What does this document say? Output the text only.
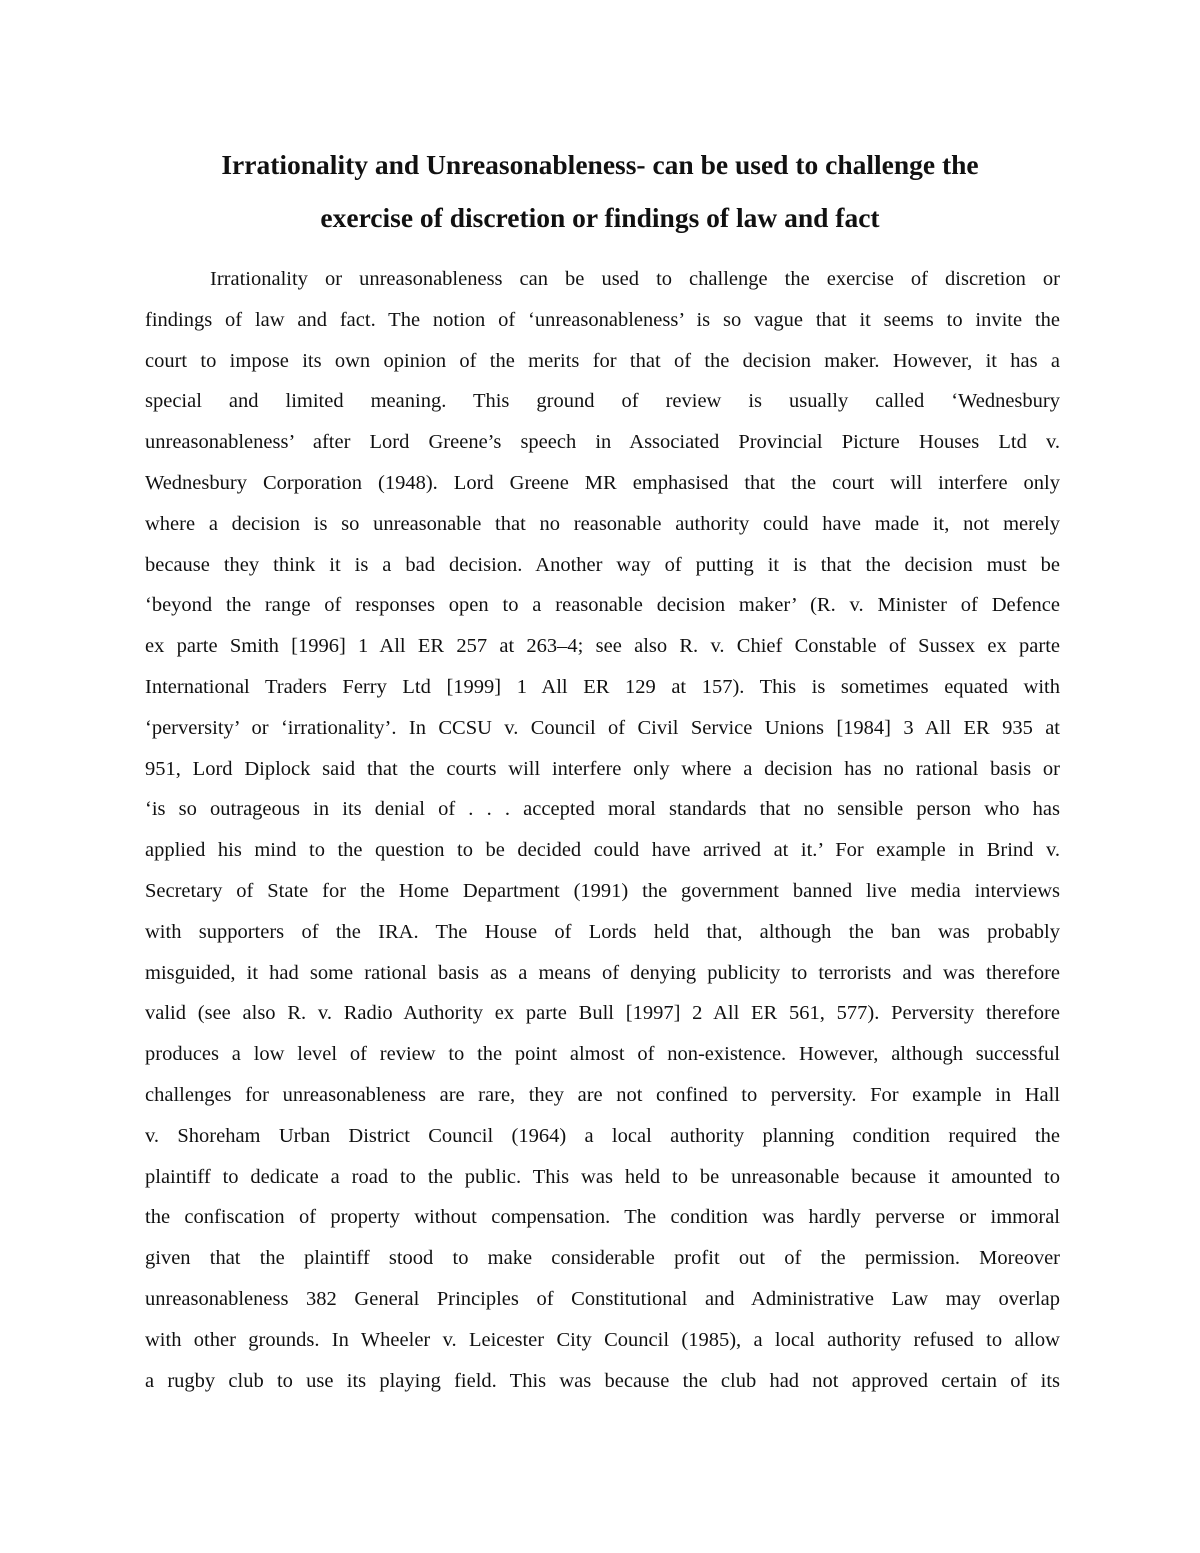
Irrationality and Unreasonableness- can be used to challenge the
exercise of discretion or findings of law and fact
Irrationality or unreasonableness can be used to challenge the exercise of discretion or
findings of law and fact. The notion of ‘unreasonableness’ is so vague that it seems to invite the
court to impose its own opinion of the merits for that of the decision maker. However, it has a
special and limited meaning. This ground of review is usually called ‘Wednesbury
unreasonableness’ after Lord Greene’s speech in Associated Provincial Picture Houses Ltd v.
Wednesbury Corporation (1948). Lord Greene MR emphasised that the court will interfere only
where a decision is so unreasonable that no reasonable authority could have made it, not merely
because they think it is a bad decision. Another way of putting it is that the decision must be
‘beyond the range of responses open to a reasonable decision maker’ (R. v. Minister of Defence
ex parte Smith [1996] 1 All ER 257 at 263–4; see also R. v. Chief Constable of Sussex ex parte
International Traders Ferry Ltd [1999] 1 All ER 129 at 157). This is sometimes equated with
‘perversity’ or ‘irrationality’. In CCSU v. Council of Civil Service Unions [1984] 3 All ER 935 at
951, Lord Diplock said that the courts will interfere only where a decision has no rational basis or
‘is so outrageous in its denial of . . . accepted moral standards that no sensible person who has
applied his mind to the question to be decided could have arrived at it.’ For example in Brind v.
Secretary of State for the Home Department (1991) the government banned live media interviews
with supporters of the IRA. The House of Lords held that, although the ban was probably
misguided, it had some rational basis as a means of denying publicity to terrorists and was therefore
valid (see also R. v. Radio Authority ex parte Bull [1997] 2 All ER 561, 577). Perversity therefore
produces a low level of review to the point almost of non-existence. However, although successful
challenges for unreasonableness are rare, they are not confined to perversity. For example in Hall
v. Shoreham Urban District Council (1964) a local authority planning condition required the
plaintiff to dedicate a road to the public. This was held to be unreasonable because it amounted to
the confiscation of property without compensation. The condition was hardly perverse or immoral
given that the plaintiff stood to make considerable profit out of the permission. Moreover
unreasonableness 382 General Principles of Constitutional and Administrative Law may overlap
with other grounds. In Wheeler v. Leicester City Council (1985), a local authority refused to allow
a rugby club to use its playing field. This was because the club had not approved certain of its
